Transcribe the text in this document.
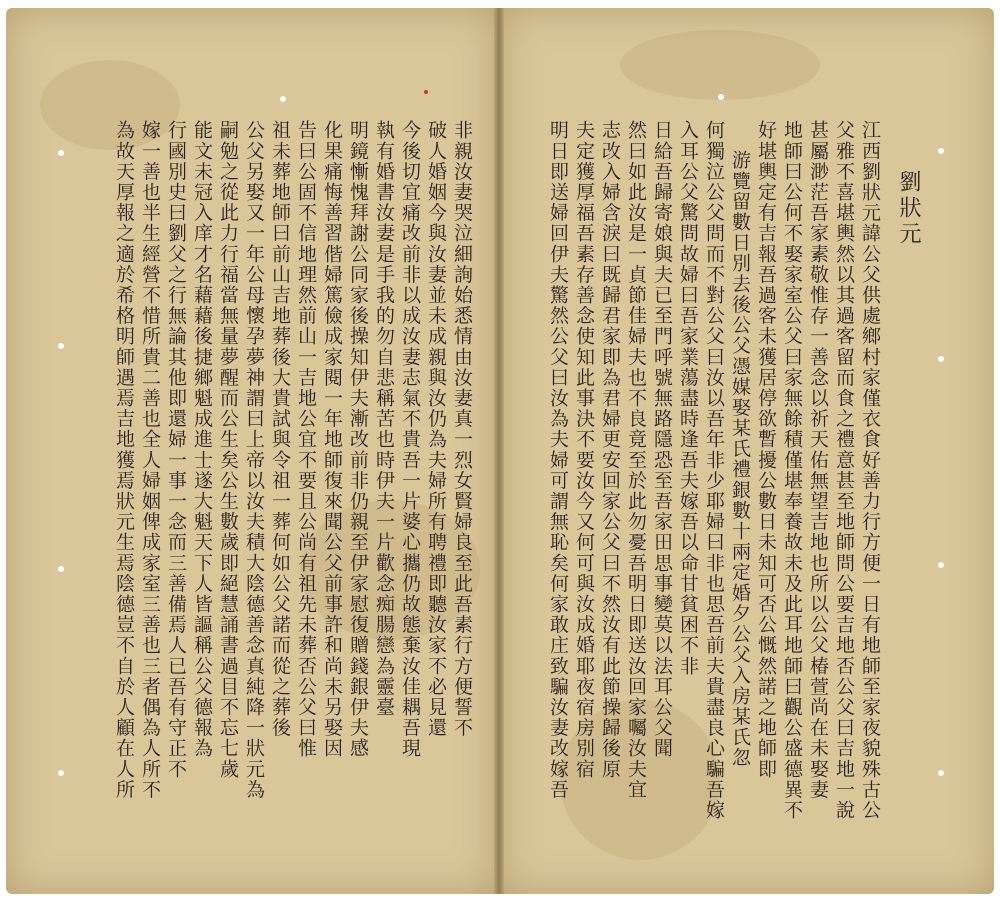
劉狀元
江西劉狀元諱公父供處鄉村家僅衣食好善力行方便一日有地師至家夜貌殊古公
父雅不喜堪輿然以其過客留而食之禮意甚至地師問公要吉地否公父曰吉地一說
甚屬渺茫吾家素敬惟存一善念以祈天佑無望吉地也所以公父椿萱尚在未娶妻
地師曰公何不娶家室公父曰家無餘積僅堪奉養故未及此耳地師曰觀公盛德異不
好堪輿定有吉報吾過客未獲居停欲暫擾公數日未知可否公慨然諾之地師即
游覽留數日別去後公父憑媒娶某氏禮銀數十兩定婚夕公父入房某氏忽
何獨泣公父問而不對公父曰汝以吾年非少耶婦曰非也思吾前夫貴盡良心騙吾嫁
入耳公父驚問故婦曰吾家業蕩盡時逢吾夫嫁吾以命甘貧困不非
日給吾歸寄娘與夫已至門呼號無路隱恐至吾家田思事變莫以法耳公父聞
然曰如此汝是一貞節佳婦夫也不良竟至於此勿憂吾明日即送汝回家囑汝夫宜
志改入婦含淚曰既歸君家即為君婦更安回家公父曰不然汝有此節操歸後原
夫定獲厚福吾素存善念使知此事決不要汝今又何可與汝成婚耶夜宿房別宿
明日即送婦回伊夫驚然公父曰汝為夫婦可謂無恥矣何家敢庄致騙汝妻改嫁吾
非親汝妻哭泣細詢始悉情由汝妻真一烈女賢婦良至此吾素行方便誓不
破人婚姻今與汝妻並未成親與汝仍為夫婦所有聘禮即聽汝家不必見還
今後切宜痛改前非以成汝妻志氣不貴吾一片婆心攜仍故態棄汝佳耦吾現
執有婚書汝妻是手我的勿自悲稱苦也時伊夫一片歡念痴腸戀為靈臺
明鏡慚愧拜謝公同家後操知伊夫漸改前非仍親至伊家慰復贈錢銀伊夫感
化果痛悔善習偕婦篤儉成家閱一年地師復來聞公父前事許和尚未另娶因
告曰公固不信地理然前山一吉地公宜不要且公尚有祖先未葬否公父曰惟
祖未葬地師曰前山吉地葬後大貴試與令祖一葬何如公父諾而從之葬後
公父另娶又一年公母懷孕夢神謂曰上帝以汝夫積大陰德善念真純降一狀元為
嗣勉之從此力行福當無量夢醒而公生矣公生數歲即絕慧誦書過目不忘七歲
能文未冠入庠才名藉藉後捷鄉魁成進士遂大魁天下人皆謳稱公父德報為
行國別史曰劉父之行無論其他即還婦一事一念而三善備焉人已吾有守正不
嫁一善也半生經營不惜所貴二善也全人婦姻俾成家室三善也三者偶為人所不
為故天厚報之適於希格明師遇焉吉地獲焉狀元生焉陰德豈不自於人顧在人所
